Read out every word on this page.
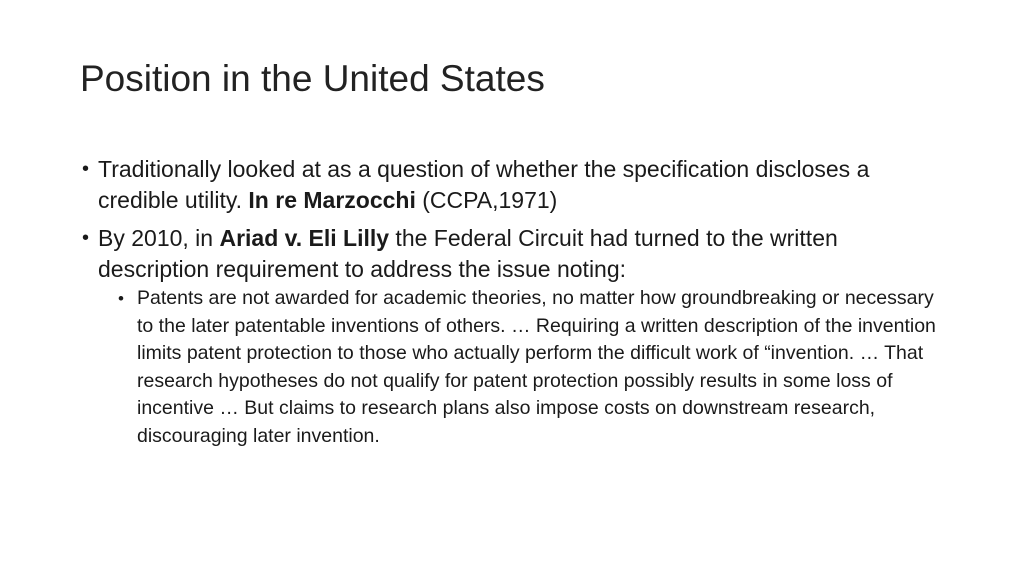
Position in the United States
• Traditionally looked at as a question of whether the specification discloses a credible utility. In re Marzocchi (CCPA,1971)
• By 2010, in Ariad v. Eli Lilly the Federal Circuit had turned to the written description requirement to address the issue noting:
• Patents are not awarded for academic theories, no matter how groundbreaking or necessary to the later patentable inventions of others. … Requiring a written description of the invention limits patent protection to those who actually perform the difficult work of “invention. … That research hypotheses do not qualify for patent protection possibly results in some loss of incentive … But claims to research plans also impose costs on downstream research, discouraging later invention.
